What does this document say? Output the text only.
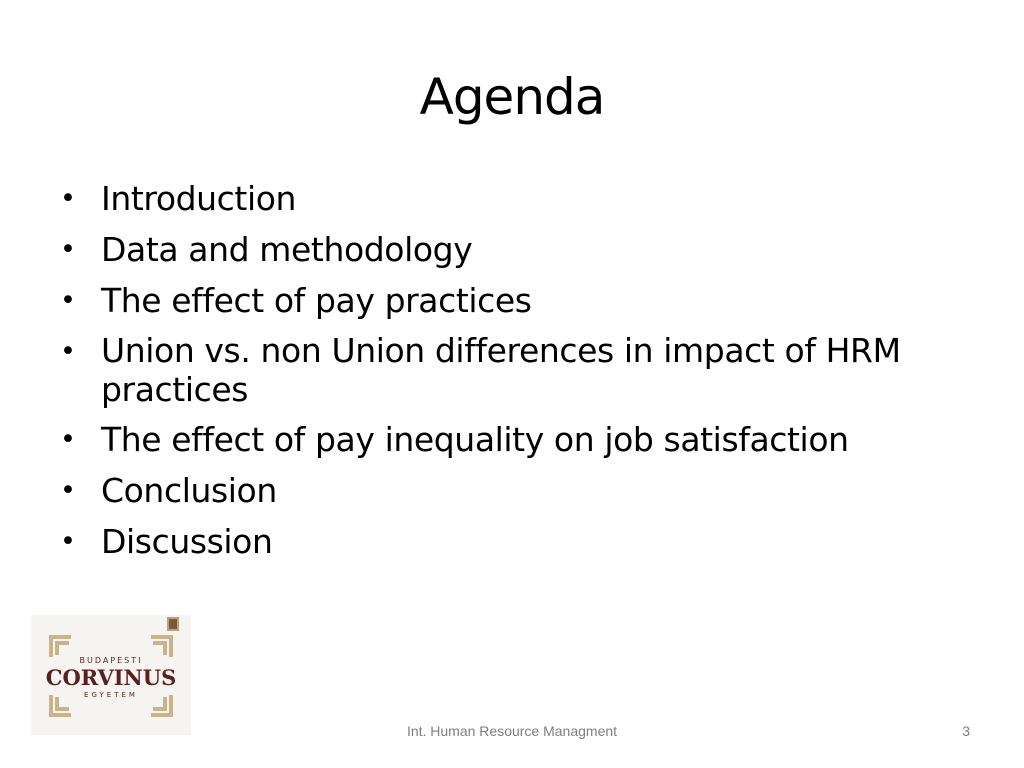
Agenda
• Introduction
• Data and methodology
• The effect of pay practices
• Union vs. non Union differences in impact of HRM practices
• The effect of pay inequality on job satisfaction
• Conclusion
• Discussion
BUDAPESTI
CORVINUS
EGYETEM
Int. Human Resource Managment	3
